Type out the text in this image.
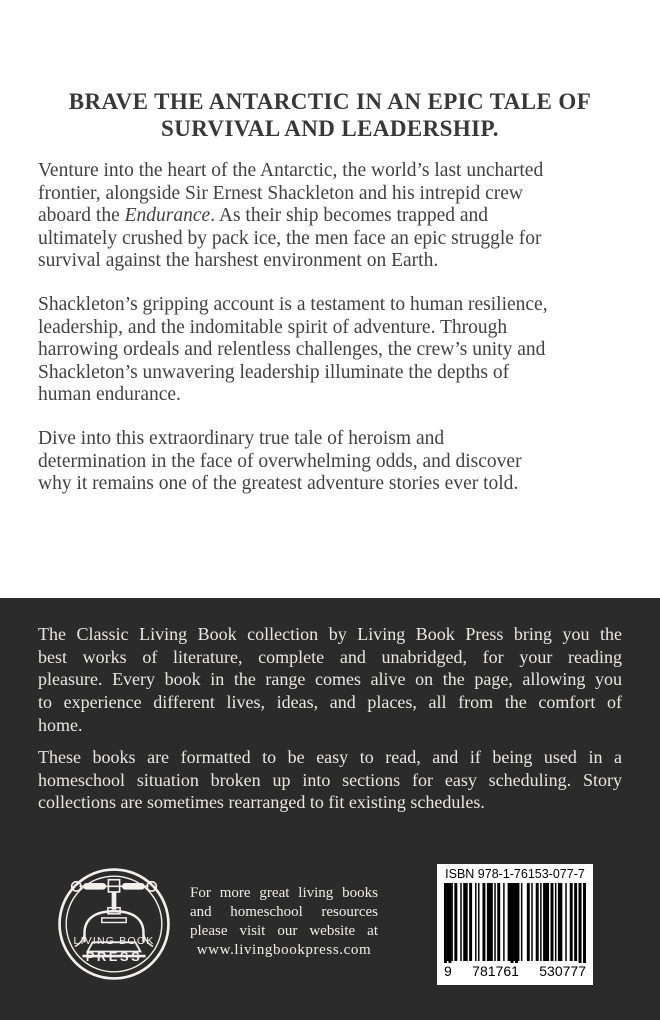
BRAVE THE ANTARCTIC IN AN EPIC TALE OF
SURVIVAL AND LEADERSHIP.
Venture into the heart of the Antarctic, the world’s last uncharted
frontier, alongside Sir Ernest Shackleton and his intrepid crew
aboard the Endurance. As their ship becomes trapped and
ultimately crushed by pack ice, the men face an epic struggle for
survival against the harshest environment on Earth.
Shackleton’s gripping account is a testament to human resilience,
leadership, and the indomitable spirit of adventure. Through
harrowing ordeals and relentless challenges, the crew’s unity and
Shackleton’s unwavering leadership illuminate the depths of
human endurance.
Dive into this extraordinary true tale of heroism and
determination in the face of overwhelming odds, and discover
why it remains one of the greatest adventure stories ever told.
The Classic Living Book collection by Living Book Press bring you the
best works of literature, complete and unabridged, for your reading
pleasure. Every book in the range comes alive on the page, allowing you
to experience different lives, ideas, and places, all from the comfort of
home.
These books are formatted to be easy to read, and if being used in a
homeschool situation broken up into sections for easy scheduling. Story
collections are sometimes rearranged to fit existing schedules.
LIVING BOOK
PRESS
For more great living books
and homeschool resources
please visit our website at
www.livingbookpress.com
ISBN 978-1-76153-077-7
9 781761 530777
